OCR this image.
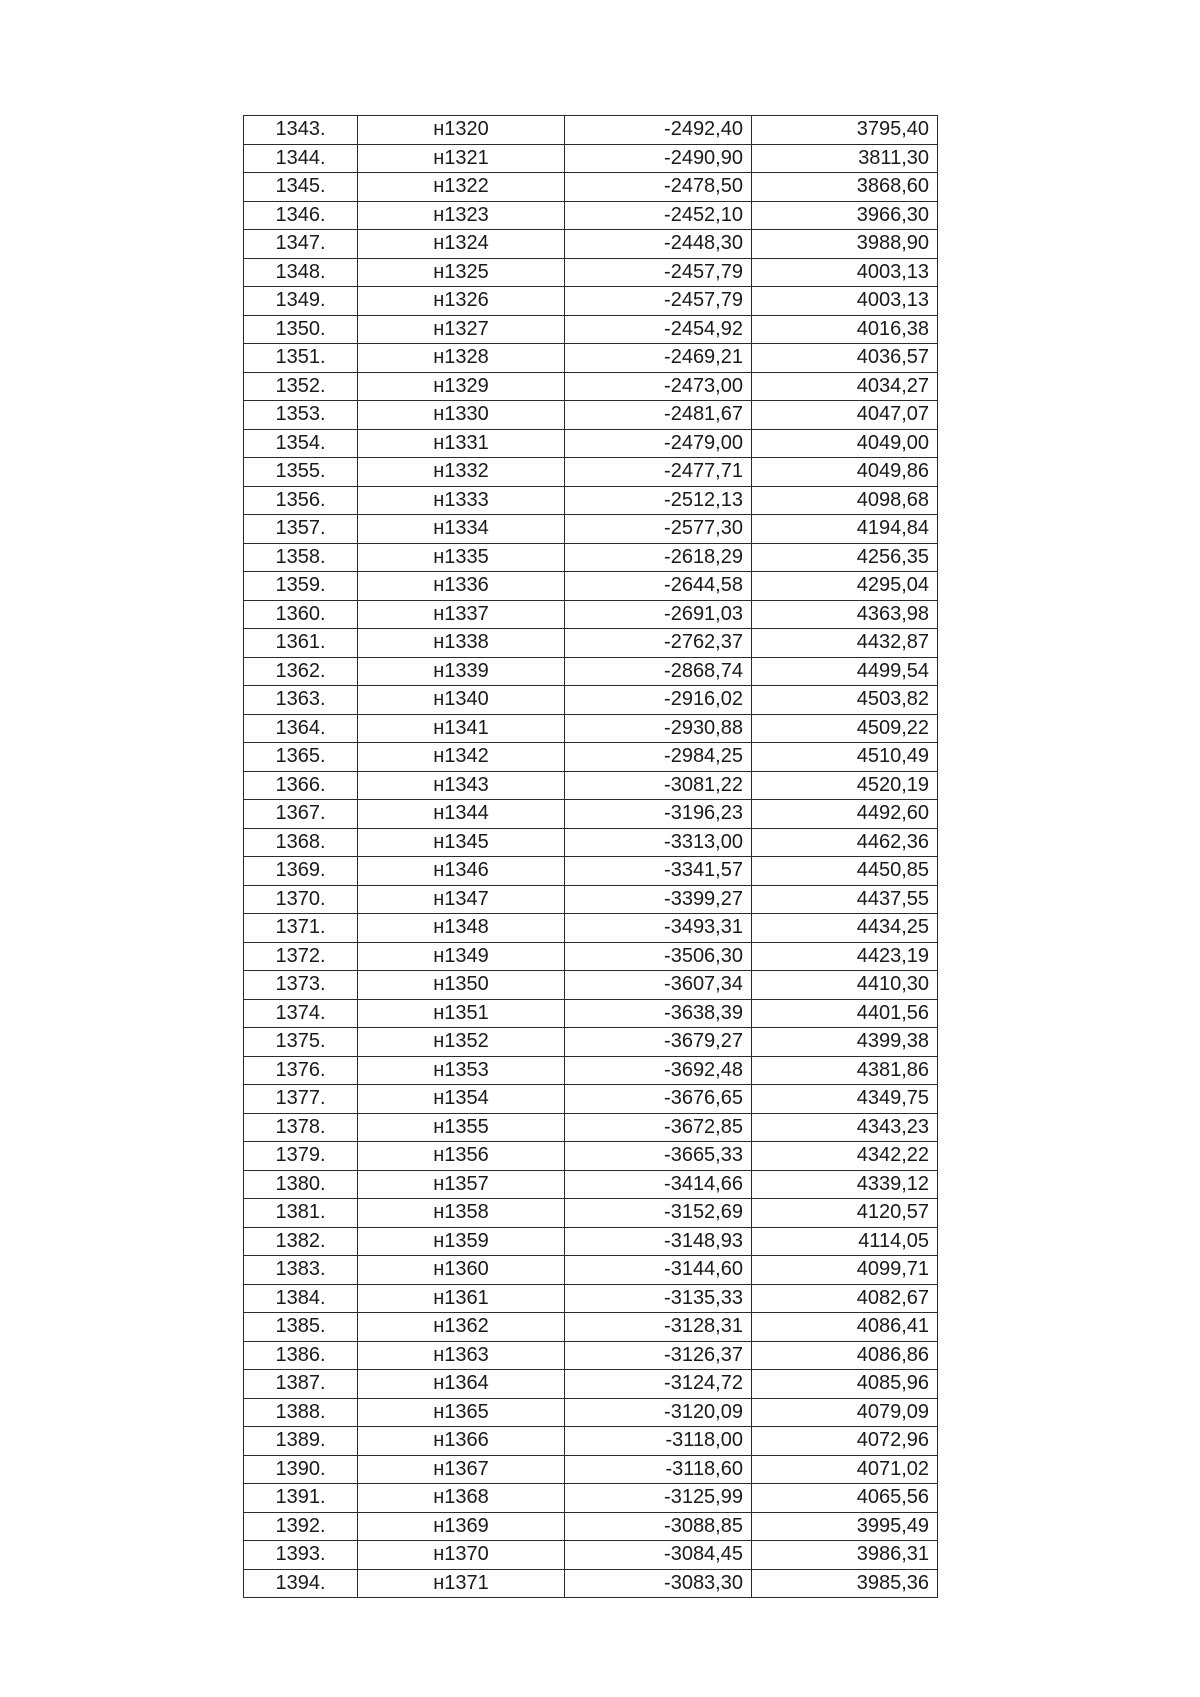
1343.	н1320	-2492,40	3795,40
1344.	н1321	-2490,90	3811,30
1345.	н1322	-2478,50	3868,60
1346.	н1323	-2452,10	3966,30
1347.	н1324	-2448,30	3988,90
1348.	н1325	-2457,79	4003,13
1349.	н1326	-2457,79	4003,13
1350.	н1327	-2454,92	4016,38
1351.	н1328	-2469,21	4036,57
1352.	н1329	-2473,00	4034,27
1353.	н1330	-2481,67	4047,07
1354.	н1331	-2479,00	4049,00
1355.	н1332	-2477,71	4049,86
1356.	н1333	-2512,13	4098,68
1357.	н1334	-2577,30	4194,84
1358.	н1335	-2618,29	4256,35
1359.	н1336	-2644,58	4295,04
1360.	н1337	-2691,03	4363,98
1361.	н1338	-2762,37	4432,87
1362.	н1339	-2868,74	4499,54
1363.	н1340	-2916,02	4503,82
1364.	н1341	-2930,88	4509,22
1365.	н1342	-2984,25	4510,49
1366.	н1343	-3081,22	4520,19
1367.	н1344	-3196,23	4492,60
1368.	н1345	-3313,00	4462,36
1369.	н1346	-3341,57	4450,85
1370.	н1347	-3399,27	4437,55
1371.	н1348	-3493,31	4434,25
1372.	н1349	-3506,30	4423,19
1373.	н1350	-3607,34	4410,30
1374.	н1351	-3638,39	4401,56
1375.	н1352	-3679,27	4399,38
1376.	н1353	-3692,48	4381,86
1377.	н1354	-3676,65	4349,75
1378.	н1355	-3672,85	4343,23
1379.	н1356	-3665,33	4342,22
1380.	н1357	-3414,66	4339,12
1381.	н1358	-3152,69	4120,57
1382.	н1359	-3148,93	4114,05
1383.	н1360	-3144,60	4099,71
1384.	н1361	-3135,33	4082,67
1385.	н1362	-3128,31	4086,41
1386.	н1363	-3126,37	4086,86
1387.	н1364	-3124,72	4085,96
1388.	н1365	-3120,09	4079,09
1389.	н1366	-3118,00	4072,96
1390.	н1367	-3118,60	4071,02
1391.	н1368	-3125,99	4065,56
1392.	н1369	-3088,85	3995,49
1393.	н1370	-3084,45	3986,31
1394.	н1371	-3083,30	3985,36
